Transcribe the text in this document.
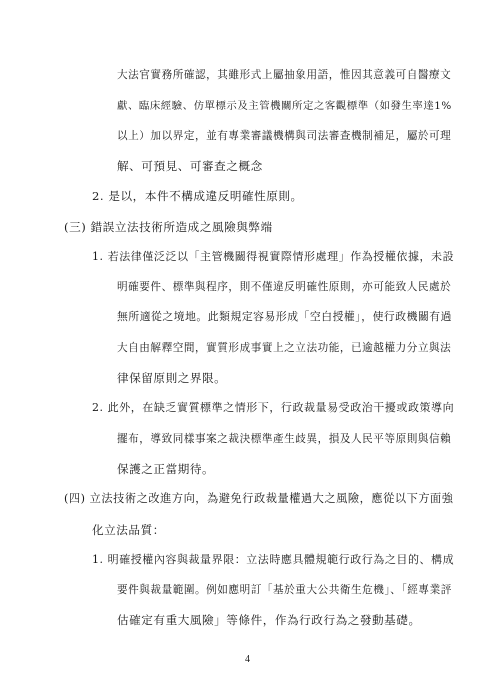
大法官實務所確認，其雖形式上屬抽象用語，惟因其意義可自醫療文
獻、臨床經驗、仿單標示及主管機關所定之客觀標準（如發生率達1%
以上）加以界定，並有專業審議機構與司法審查機制補足，屬於可理
解、可預見、可審查之概念
2. 是以，本件不構成違反明確性原則。
(三) 錯誤立法技術所造成之風險與弊端
1. 若法律僅泛泛以「主管機關得視實際情形處理」作為授權依據，未設
明確要件、標準與程序，則不僅違反明確性原則，亦可能致人民處於
無所適從之境地。此類規定容易形成「空白授權」，使行政機關有過
大自由解釋空間，實質形成事實上之立法功能，已逾越權力分立與法
律保留原則之界限。
2. 此外，在缺乏實質標準之情形下，行政裁量易受政治干擾或政策導向
擺布，導致同樣事案之裁決標準產生歧異，損及人民平等原則與信賴
保護之正當期待。
(四) 立法技術之改進方向，為避免行政裁量權過大之風險，應從以下方面強
化立法品質：
1. 明確授權內容與裁量界限：立法時應具體規範行政行為之目的、構成
要件與裁量範圍。例如應明訂「基於重大公共衛生危機」、「經專業評
估確定有重大風險」等條件，作為行政行為之發動基礎。
4
